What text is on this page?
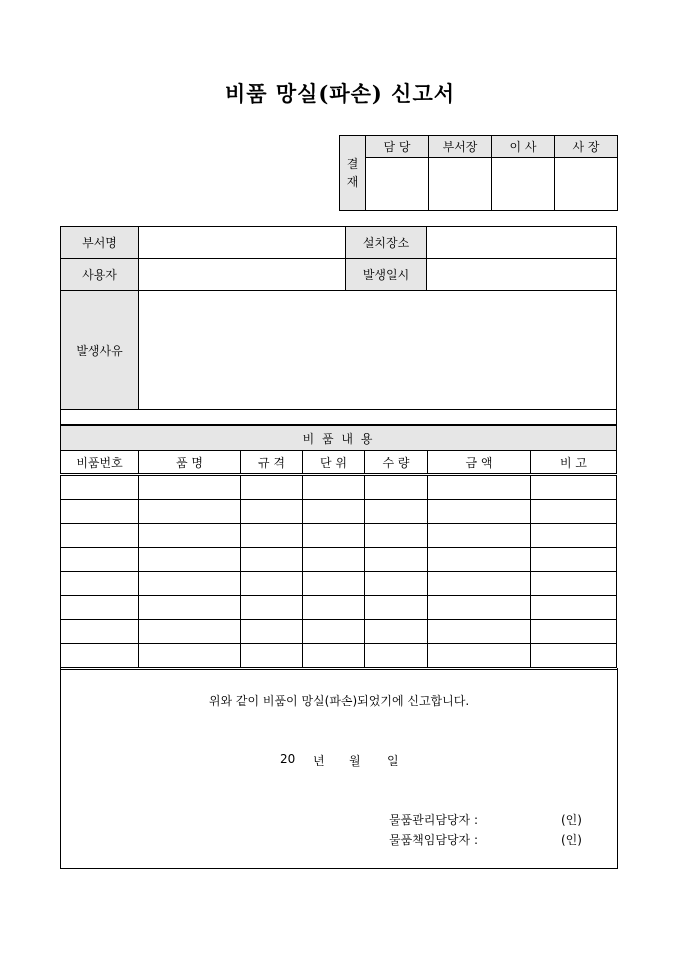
비품 망실(파손) 신고서
결
재	담 당	부서장	이 사	사 장

부서명		설치장소	
사용자		발생일시	
발생사유			

비 품 내 용						
비품번호	품 명	규 격	단 위	수 량	금 액	비 고

위와 같이 비품이 망실(파손)되었기에 신고합니다.
20 년 월 일
물품관리담당자 :	(인)
물품책임담당자 :	(인)
